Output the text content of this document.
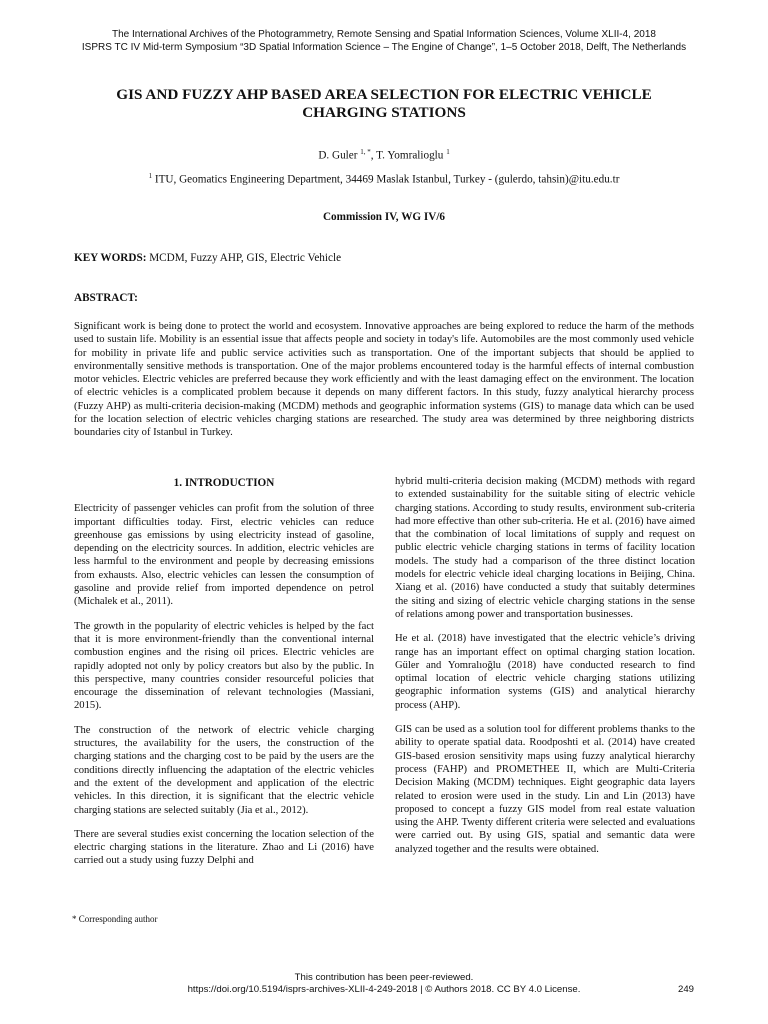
The International Archives of the Photogrammetry, Remote Sensing and Spatial Information Sciences, Volume XLII-4, 2018
ISPRS TC IV Mid-term Symposium “3D Spatial Information Science – The Engine of Change”, 1–5 October 2018, Delft, The Netherlands
GIS AND FUZZY AHP BASED AREA SELECTION FOR ELECTRIC VEHICLE CHARGING STATIONS
D. Guler $^{1, *}$, T. Yomralioglu $^1$
$^1$ ITU, Geomatics Engineering Department, 34469 Maslak Istanbul, Turkey - (gulerdo, tahsin)@itu.edu.tr
Commission IV, WG IV/6
KEY WORDS: MCDM, Fuzzy AHP, GIS, Electric Vehicle
ABSTRACT:

Significant work is being done to protect the world and ecosystem. Innovative approaches are being explored to reduce the harm of the methods used to sustain life. Mobility is an essential issue that affects people and society in today's life. Automobiles are the most commonly used vehicle for mobility in private life and public service activities such as transportation. One of the important subjects that should be applied to environmentally sensitive methods is transportation. One of the major problems encountered today is the harmful effects of internal combustion motor vehicles. Electric vehicles are preferred because they work efficiently and with the least damaging effect on the environment. The location of electric vehicles is a complicated problem because it depends on many different factors. In this study, fuzzy analytical hierarchy process (Fuzzy AHP) as multi-criteria decision-making (MCDM) methods and geographic information systems (GIS) to manage data which can be used for the location selection of electric vehicles charging stations are researched. The study area was determined by three neighboring districts boundaries city of Istanbul in Turkey.

1. INTRODUCTION

Electricity of passenger vehicles can profit from the solution of three important difficulties today. First, electric vehicles can reduce greenhouse gas emissions by using electricity instead of gasoline, depending on the electricity sources. In addition, electric vehicles are less harmful to the environment and people by decreasing emissions from exhausts. Also, electric vehicles can lessen the consumption of gasoline and provide relief from imported dependence on petrol (Michalek et al., 2011).

The growth in the popularity of electric vehicles is helped by the fact that it is more environment-friendly than the conventional internal combustion engines and the rising oil prices. Electric vehicles are rapidly adopted not only by policy creators but also by the public. In this perspective, many countries consider resourceful policies that encourage the dissemination of relevant technologies (Massiani, 2015).

The construction of the network of electric vehicle charging structures, the availability for the users, the construction of the charging stations and the charging cost to be paid by the users are the conditions directly influencing the adaptation of the electric vehicles and the extent of the development and application of the electric vehicles. In this direction, it is significant that the electric vehicle charging stations are selected suitably (Jia et al., 2012).

There are several studies exist concerning the location selection of the electric charging stations in the literature. Zhao and Li (2016) have carried out a study using fuzzy Delphi and

hybrid multi-criteria decision making (MCDM) methods with regard to extended sustainability for the suitable siting of electric vehicle charging stations. According to study results, environment sub-criteria had more effective than other sub-criteria. He et al. (2016) have aimed that the combination of local limitations of supply and request on public electric vehicle charging stations in terms of facility location models. The study had a comparison of the three distinct location models for electric vehicle ideal charging locations in Beijing, China. Xiang et al. (2016) have conducted a study that suitably determines the siting and sizing of electric vehicle charging stations in the sense of relations among power and transportation businesses.

He et al. (2018) have investigated that the electric vehicle’s driving range has an important effect on optimal charging station location. Güler and Yomralıoğlu (2018) have conducted research to find optimal location of electric vehicle charging stations utilizing geographic information systems (GIS) and analytical hierarchy process (AHP).

GIS can be used as a solution tool for different problems thanks to the ability to operate spatial data. Roodposhti et al. (2014) have created GIS-based erosion sensitivity maps using fuzzy analytical hierarchy process (FAHP) and PROMETHEE II, which are Multi-Criteria Decision Making (MCDM) techniques. Eight geographic data layers related to erosion were used in the study. Lin and Lin (2013) have proposed to concept a fuzzy GIS model from real estate valuation using the AHP. Twenty different criteria were selected and evaluations were carried out. By using GIS, spatial and semantic data were analyzed together and the results were obtained.

* Corresponding author
This contribution has been peer-reviewed.
https://doi.org/10.5194/isprs-archives-XLII-4-249-2018 | © Authors 2018. CC BY 4.0 License.	249
